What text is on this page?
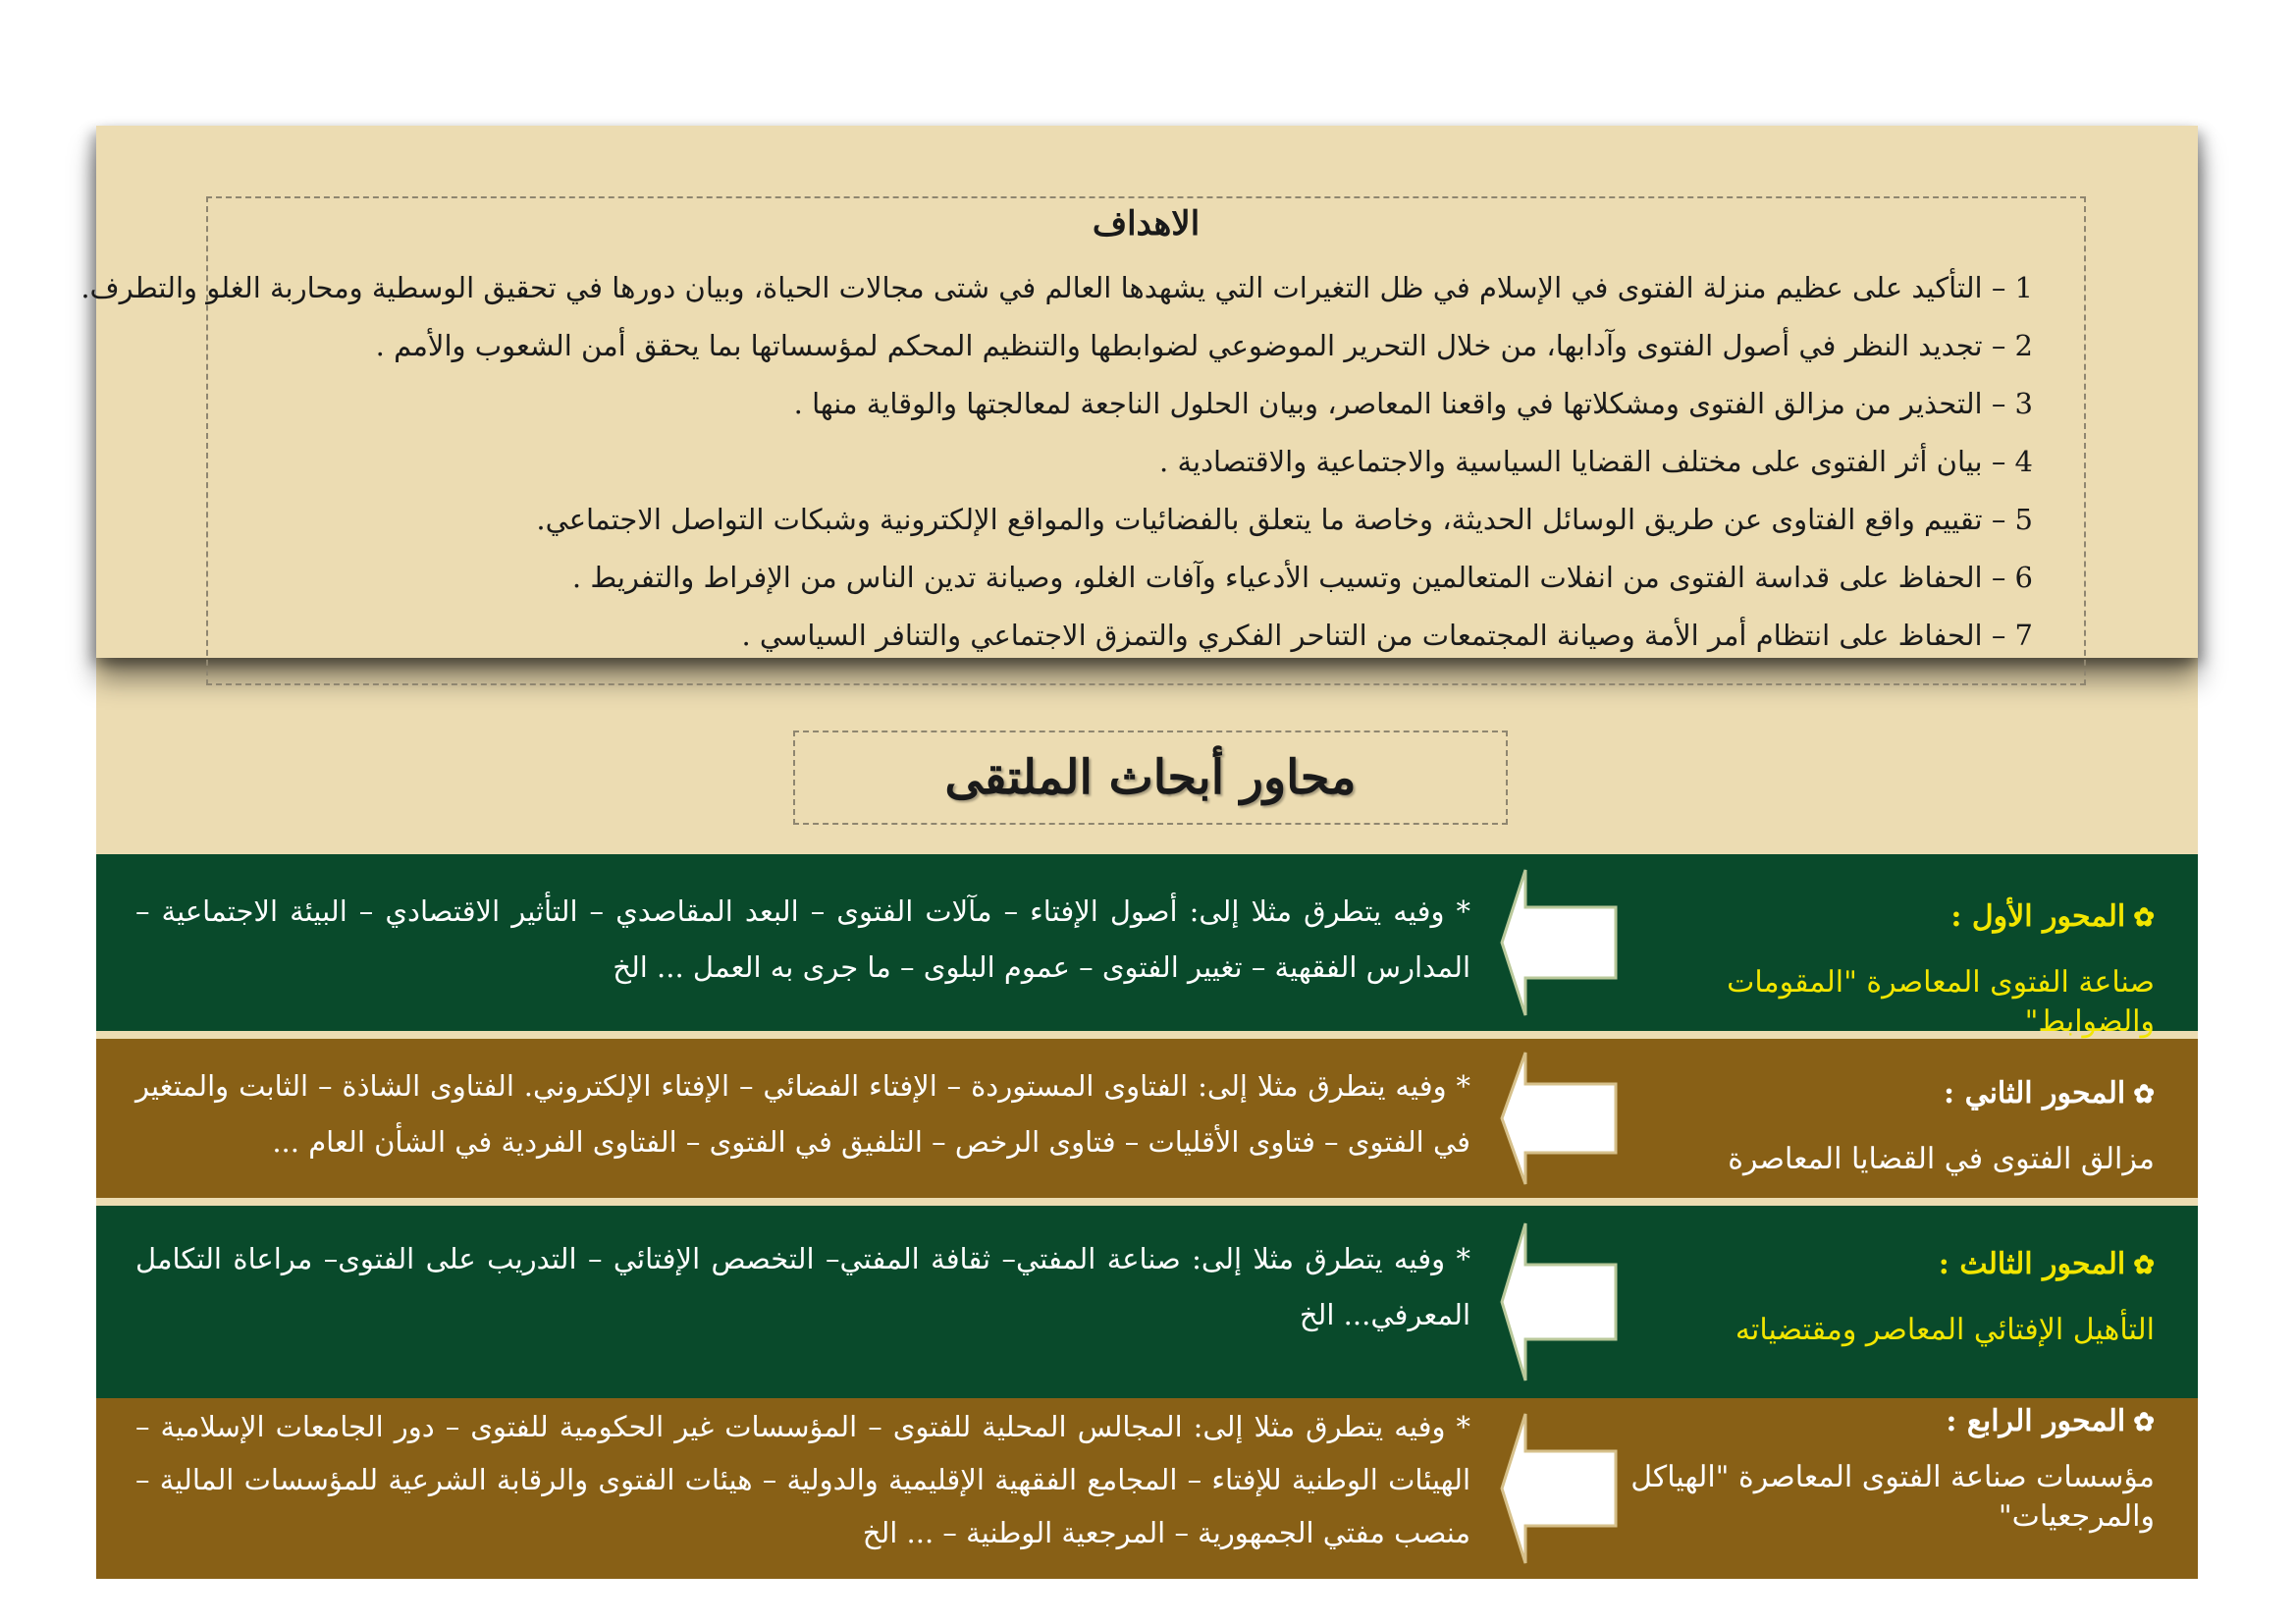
الاهداف
1 – التأكيد على عظيم منزلة الفتوى في الإسلام في ظل التغيرات التي يشهدها العالم في شتى مجالات الحياة، وبيان دورها في تحقيق الوسطية ومحاربة الغلو والتطرف.
2 – تجديد النظر في أصول الفتوى وآدابها، من خلال التحرير الموضوعي لضوابطها والتنظيم المحكم لمؤسساتها بما يحقق أمن الشعوب والأمم .
3 – التحذير من مزالق الفتوى ومشكلاتها في واقعنا المعاصر، وبيان الحلول الناجعة لمعالجتها والوقاية منها .
4 – بيان أثر الفتوى على مختلف القضايا السياسية والاجتماعية والاقتصادية .
5 – تقييم واقع الفتاوى عن طريق الوسائل الحديثة، وخاصة ما يتعلق بالفضائيات والمواقع الإلكترونية وشبكات التواصل الاجتماعي.
6 – الحفاظ على قداسة الفتوى من انفلات المتعالمين وتسيب الأدعياء وآفات الغلو، وصيانة تدين الناس من الإفراط والتفريط .
7 – الحفاظ على انتظام أمر الأمة وصيانة المجتمعات من التناحر الفكري والتمزق الاجتماعي والتنافر السياسي .
محاور أبحاث الملتقى
* وفيه يتطرق مثلا إلى: أصول الإفتاء – مآلات الفتوى – البعد المقاصدي – التأثير الاقتصادي – البيئة الاجتماعية – المدارس الفقهية – تغيير الفتوى – عموم البلوى – ما جرى به العمل ... الخ
✿المحور الأول :
صناعة الفتوى المعاصرة "المقومات والضوابط"
* وفيه يتطرق مثلا إلى: الفتاوى المستوردة – الإفتاء الفضائي – الإفتاء الإلكتروني. الفتاوى الشاذة – الثابت والمتغير في الفتوى – فتاوى الأقليات – فتاوى الرخص – التلفيق في الفتوى – الفتاوى الفردية في الشأن العام ...
✿المحور الثاني :
مزالق الفتوى في القضايا المعاصرة
* وفيه يتطرق مثلا إلى: صناعة المفتي– ثقافة المفتي– التخصص الإفتائي – التدريب على الفتوى– مراعاة التكامل المعرفي... الخ
✿المحور الثالث :
التأهيل الإفتائي المعاصر ومقتضياته
* وفيه يتطرق مثلا إلى: المجالس المحلية للفتوى – المؤسسات غير الحكومية للفتوى – دور الجامعات الإسلامية – الهيئات الوطنية للإفتاء – المجامع الفقهية الإقليمية والدولية – هيئات الفتوى والرقابة الشرعية للمؤسسات المالية – منصب مفتي الجمهورية – المرجعية الوطنية – ... الخ
✿المحور الرابع :
مؤسسات صناعة الفتوى المعاصرة "الهياكل والمرجعيات"
